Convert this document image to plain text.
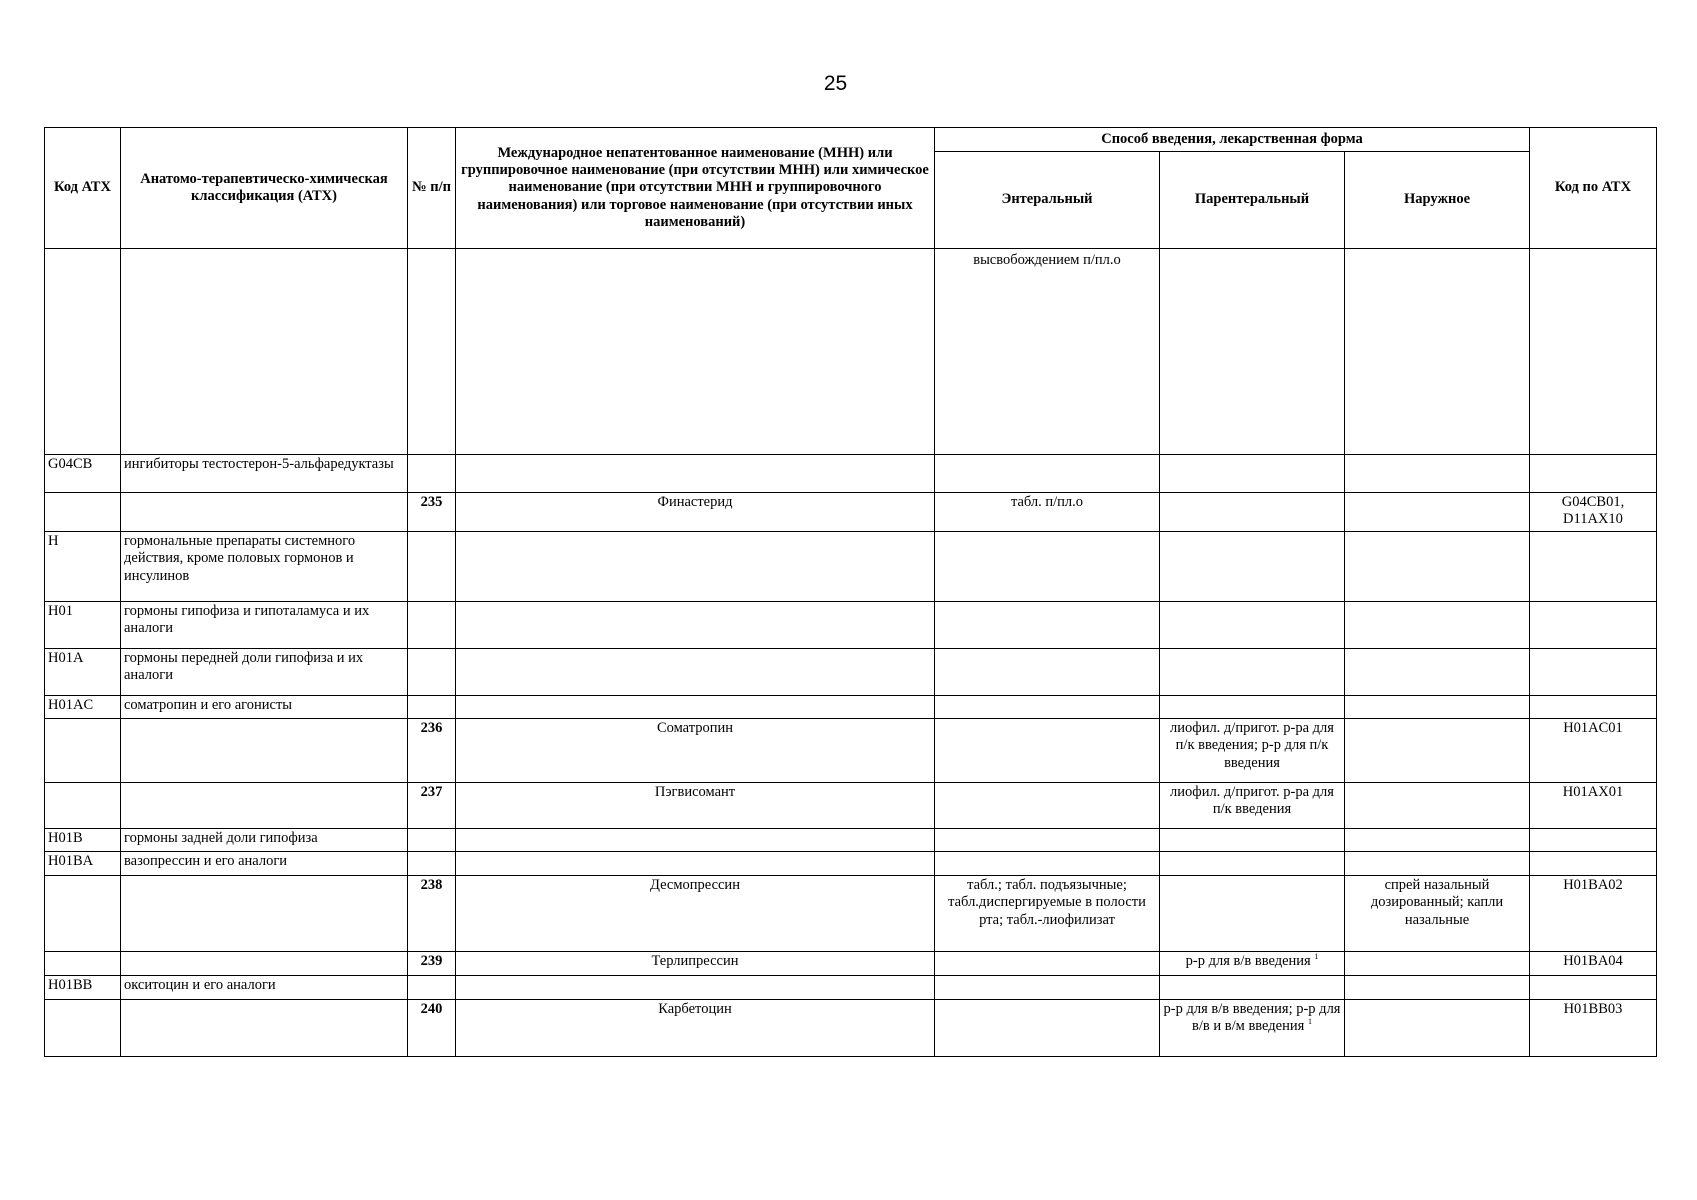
25
Код АТХ	Анатомо-терапевтическо-химическая классификация (АТХ)	№ п/п	Международное непатентованное наименование (МНН) или группировочное наименование (при отсутствии МНН) или химическое наименование (при отсутствии МНН и группировочного наименования) или торговое наименование (при отсутствии иных наименований)	Способ введения, лекарственная форма			Код по АТХ
				Энтеральный	Парентеральный	Наружное	
				высвобождением п/пл.о			
G04CB	ингибиторы тестостерон-5-альфаредуктазы						
		235	Финастерид	табл. п/пл.о			G04CB01, D11AX10
H	гормональные препараты системного действия, кроме половых гормонов и инсулинов						
H01	гормоны гипофиза и гипоталамуса и их аналоги						
H01A	гормоны передней доли гипофиза и их аналоги						
H01AC	соматропин и его агонисты						
		236	Соматропин		лиофил. д/пригот. р-ра для п/к введения; р-р для п/к введения		H01AC01
		237	Пэгвисомант		лиофил. д/пригот. р-ра для п/к введения		H01AX01
H01B	гормоны задней доли гипофиза						
H01BA	вазопрессин и его аналоги						
		238	Десмопрессин	табл.; табл. подъязычные; табл.диспергируемые в полости рта; табл.-лиофилизат		спрей назальный дозированный; капли назальные	H01BA02
		239	Терлипрессин		р-р для в/в введения $^1$		H01BA04
H01BB	окситоцин и его аналоги						
		240	Карбетоцин		р-р для в/в введения; р-р для в/в и в/м введения $^1$		H01BB03
